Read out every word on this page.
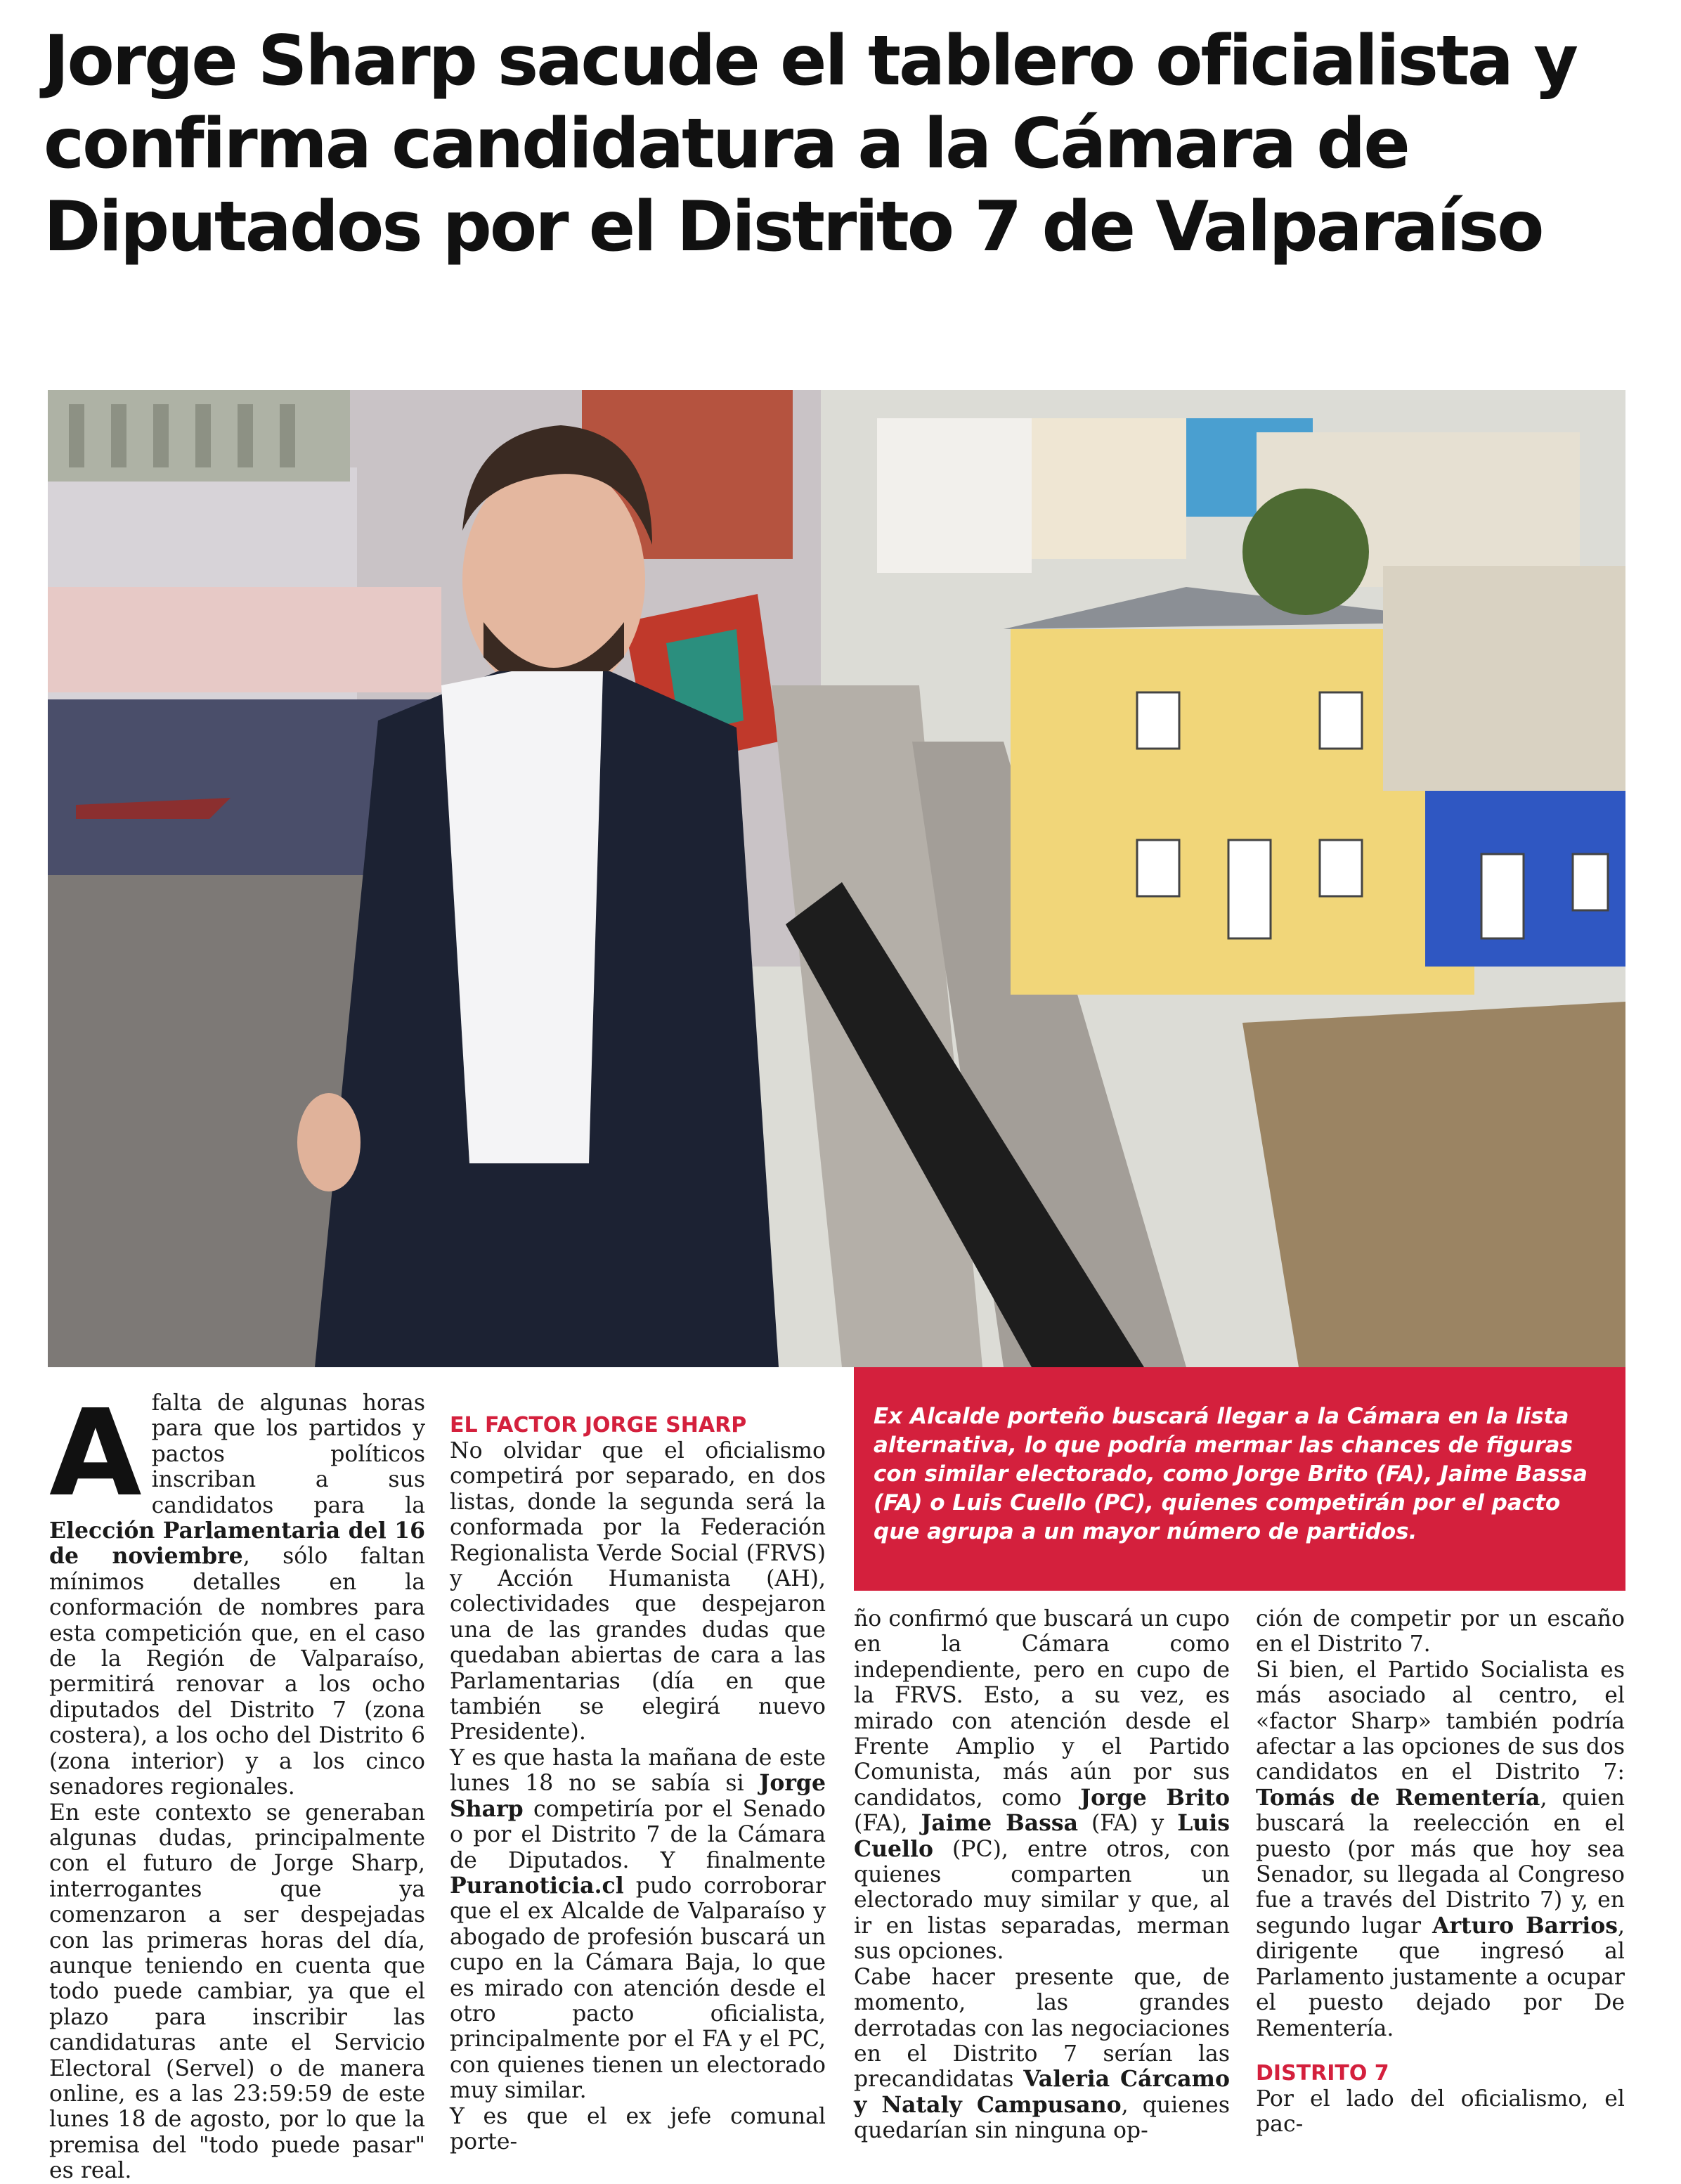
Jorge Sharp sacude el tablero oficialista y confirma candidatura a la Cámara de Diputados por el Distrito 7 de Valparaíso
Ex Alcalde porteño buscará llegar a la Cámara en la lista alternativa, lo que podría mermar las chances de figuras con similar electorado, como Jorge Brito (FA), Jaime Bassa (FA) o Luis Cuello (PC), quienes competirán por el pacto que agrupa a un mayor número de partidos.
A falta de algunas horas para que los partidos y pactos políticos inscriban a sus candidatos para la Elección Parlamentaria del 16 de noviembre, sólo faltan mínimos detalles en la conformación de nombres para esta competición que, en el caso de la Región de Valparaíso, permitirá renovar a los ocho diputados del Distrito 7 (zona costera), a los ocho del Distrito 6 (zona interior) y a los cinco senadores regionales.

En este contexto se generaban algunas dudas, principalmente con el futuro de Jorge Sharp, interrogantes que ya comenzaron a ser despejadas con las primeras horas del día, aunque teniendo en cuenta que todo puede cambiar, ya que el plazo para inscribir las candidaturas ante el Servicio Electoral (Servel) o de manera online, es a las 23:59:59 de este lunes 18 de agosto, por lo que la premisa del "todo puede pasar" es real.

EL FACTOR JORGE SHARP

No olvidar que el oficialismo competirá por separado, en dos listas, donde la segunda será la conformada por la Federación Regionalista Verde Social (FRVS) y Acción Humanista (AH), colectividades que despejaron una de las grandes dudas que quedaban abiertas de cara a las Parlamentarias (día en que también se elegirá nuevo Presidente).

Y es que hasta la mañana de este lunes 18 no se sabía si Jorge Sharp competiría por el Senado o por el Distrito 7 de la Cámara de Diputados. Y finalmente Puranoticia.cl pudo corroborar que el ex Alcalde de Valparaíso y abogado de profesión buscará un cupo en la Cámara Baja, lo que es mirado con atención desde el otro pacto oficialista, principalmente por el FA y el PC, con quienes tienen un electorado muy similar.

Y es que el ex jefe comunal porte-

ño confirmó que buscará un cupo en la Cámara como independiente, pero en cupo de la FRVS. Esto, a su vez, es mirado con atención desde el Frente Amplio y el Partido Comunista, más aún por sus candidatos, como Jorge Brito (FA), Jaime Bassa (FA) y Luis Cuello (PC), entre otros, con quienes comparten un electorado muy similar y que, al ir en listas separadas, merman sus opciones.

Cabe hacer presente que, de momento, las grandes derrotadas con las negociaciones en el Distrito 7 serían las precandidatas Valeria Cárcamo y Nataly Campusano, quienes quedarían sin ninguna op-

ción de competir por un escaño en el Distrito 7.

Si bien, el Partido Socialista es más asociado al centro, el «factor Sharp» también podría afectar a las opciones de sus dos candidatos en el Distrito 7: Tomás de Rementería, quien buscará la reelección en el puesto (por más que hoy sea Senador, su llegada al Congreso fue a través del Distrito 7) y, en segundo lugar Arturo Barrios, dirigente que ingresó al Parlamento justamente a ocupar el puesto dejado por De Rementería.

DISTRITO 7

Por el lado del oficialismo, el pac-
